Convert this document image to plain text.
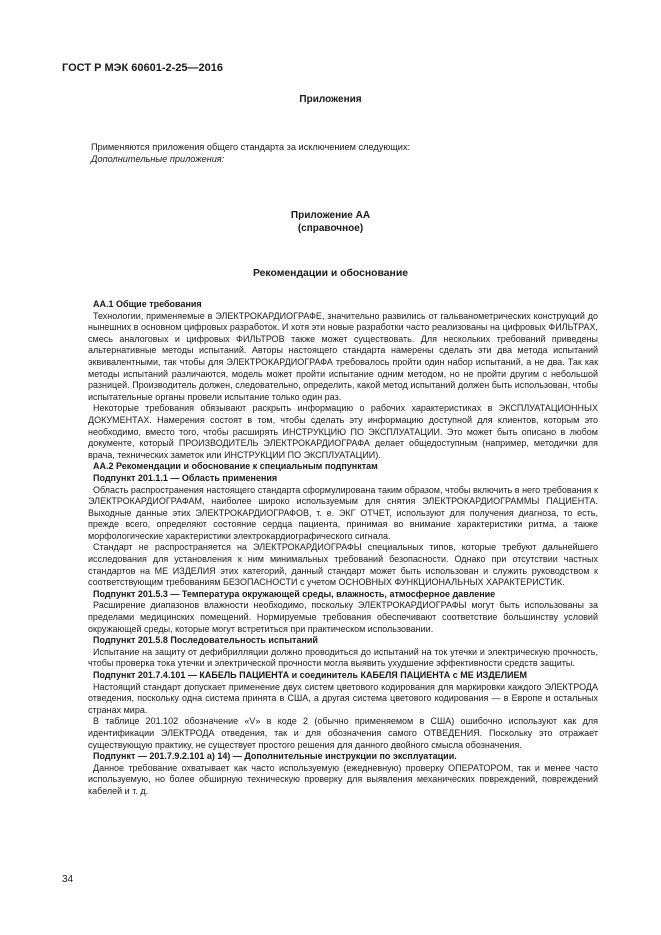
ГОСТ Р МЭК 60601-2-25—2016
Приложения
Применяются приложения общего стандарта за исключением следующих:
Дополнительные приложения:
Приложение АА
(справочное)
Рекомендации и обоснование

АА.1 Общие требования

Технологии, применяемые в ЭЛЕКТРОКАРДИОГРАФЕ, значительно развились от гальванометрических конструкций до нынешних в основном цифровых разработок. И хотя эти новые разработки часто реализованы на цифровых ФИЛЬТРАХ, смесь аналоговых и цифровых ФИЛЬТРОВ также может существовать. Для нескольких требований приведены альтернативные методы испытаний. Авторы настоящего стандарта намерены сделать эти два метода испытаний эквивалентными, так чтобы для ЭЛЕКТРОКАРДИОГРАФА требовалось пройти один набор испытаний, а не два. Так как методы испытаний различаются, модель может пройти испытание одним методом, но не пройти другим с небольшой разницей. Производитель должен, следовательно, определить, какой метод испытаний должен быть использован, чтобы испытательные органы провели испытание только один раз.

Некоторые требования обязывают раскрыть информацию о рабочих характеристиках в ЭКСПЛУАТАЦИОННЫХ ДОКУМЕНТАХ. Намерения состоят в том, чтобы сделать эту информацию доступной для клиентов, которым это необходимо, вместо того, чтобы расширять ИНСТРУКЦИЮ ПО ЭКСПЛУАТАЦИИ. Это может быть описано в любом документе, который ПРОИЗВОДИТЕЛЬ ЭЛЕКТРОКАРДИОГРАФА делает общедоступным (например, методички для врача, технических заметок или ИНСТРУКЦИИ ПО ЭКСПЛУАТАЦИИ).

АА.2 Рекомендации и обоснование к специальным подпунктам

Подпункт 201.1.1 — Область применения

Область распространения настоящего стандарта сформулирована таким образом, чтобы включить в него требования к ЭЛЕКТРОКАРДИОГРАФАМ, наиболее широко используемым для снятия ЭЛЕКТРОКАРДИОГРАММЫ ПАЦИЕНТА. Выходные данные этих ЭЛЕКТРОКАРДИОГРАФОВ, т. е. ЭКГ ОТЧЕТ, используют для получения диагноза, то есть, прежде всего, определяют состояние сердца пациента, принимая во внимание характеристики ритма, а также морфологические характеристики электрокардиографического сигнала.

Стандарт не распространяется на ЭЛЕКТРОКАРДИОГРАФЫ специальных типов, которые требуют дальнейшего исследования для установления к ним минимальных требований безопасности. Однако при отсутствии частных стандартов на МЕ ИЗДЕЛИЯ этих категорий, данный стандарт может быть использован и служить руководством к соответствующим требованиям БЕЗОПАСНОСТИ с учетом ОСНОВНЫХ ФУНКЦИОНАЛЬНЫХ ХАРАКТЕРИСТИК.

Подпункт 201.5.3 — Температура окружающей среды, влажность, атмосферное давление

Расширение диапазонов влажности необходимо, поскольку ЭЛЕКТРОКАРДИОГРАФЫ могут быть использованы за пределами медицинских помещений. Нормируемые требования обеспечивают соответствие большинству условий окружающей среды, которые могут встретиться при практическом использовании.

Подпункт 201.5.8 Последовательность испытаний

Испытание на защиту от дефибрилляции должно проводиться до испытаний на ток утечки и электрическую прочность, чтобы проверка тока утечки и электрической прочности могла выявить ухудшение эффективности средств защиты.

Подпункт 201.7.4.101 — КАБЕЛЬ ПАЦИЕНТА и соединитель КАБЕЛЯ ПАЦИЕНТА с МЕ ИЗДЕЛИЕМ

Настоящий стандарт допускает применение двух систем цветового кодирования для маркировки каждого ЭЛЕКТРОДА отведения, поскольку одна система принята в США, а другая система цветового кодирования — в Европе и остальных странах мира.

В таблице 201.102 обозначение «V» в коде 2 (обычно применяемом в США) ошибочно используют как для идентификации ЭЛЕКТРОДА отведения, так и для обозначения самого ОТВЕДЕНИЯ. Поскольку это отражает существующую практику, не существует простого решения для данного двойного смысла обозначения.

Подпункт — 201.7.9.2.101 а) 14) — Дополнительные инструкции по эксплуатации.

Данное требование охватывает как часто используемую (ежедневную) проверку ОПЕРАТОРОМ, так и менее часто используемую, но более обширную техническую проверку для выявления механических повреждений, повреждений кабелей и т. д.

34
